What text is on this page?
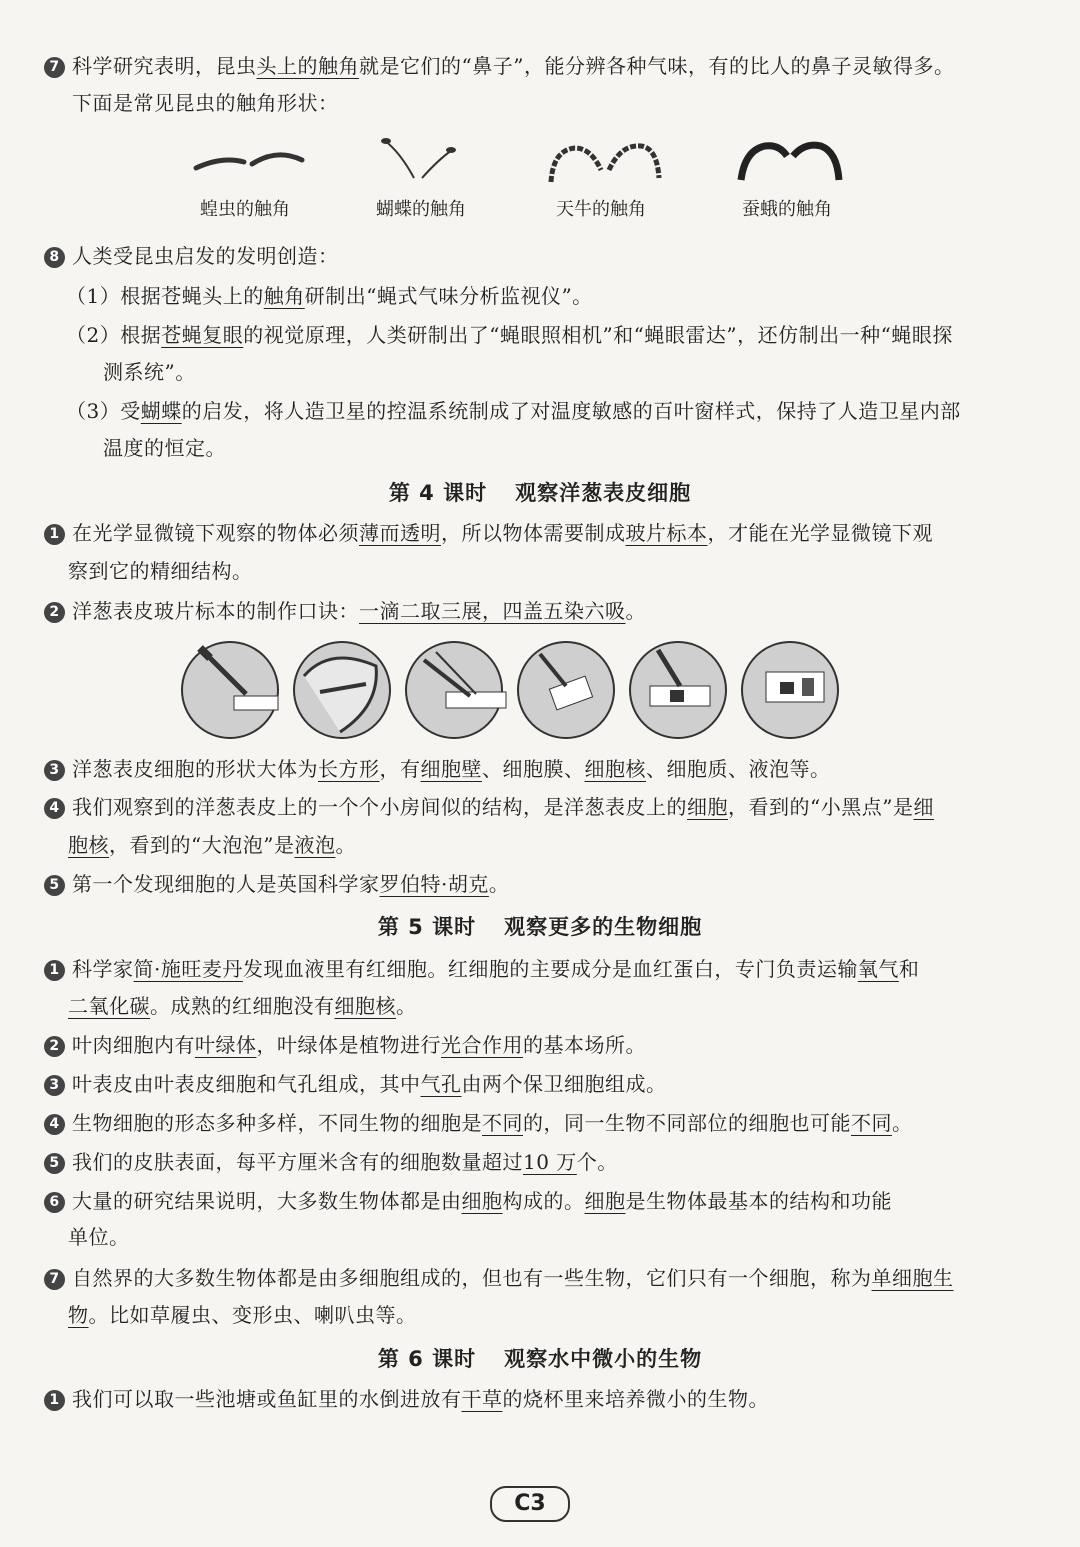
7 科学研究表明，昆虫头上的触角就是它们的“鼻子”，能分辨各种气味，有的比人的鼻子灵敏得多。
下面是常见昆虫的触角形状：
蝗虫的触角	蝴蝶的触角	天牛的触角	蚕蛾的触角
8 人类受昆虫启发的发明创造：
（1）根据苍蝇头上的触角研制出“蝇式气味分析监视仪”。
（2）根据苍蝇复眼的视觉原理，人类研制出了“蝇眼照相机”和“蝇眼雷达”，还仿制出一种“蝇眼探
测系统”。
（3）受蝴蝶的启发，将人造卫星的控温系统制成了对温度敏感的百叶窗样式，保持了人造卫星内部
温度的恒定。
第 4 课时 观察洋葱表皮细胞
1 在光学显微镜下观察的物体必须薄而透明，所以物体需要制成玻片标本，才能在光学显微镜下观
察到它的精细结构。
2 洋葱表皮玻片标本的制作口诀：一滴二取三展，四盖五染六吸。
3 洋葱表皮细胞的形状大体为长方形，有细胞壁、细胞膜、细胞核、细胞质、液泡等。
4 我们观察到的洋葱表皮上的一个个小房间似的结构，是洋葱表皮上的细胞，看到的“小黑点”是细
胞核，看到的“大泡泡”是液泡。
5 第一个发现细胞的人是英国科学家罗伯特·胡克。
第 5 课时 观察更多的生物细胞
1 科学家简·施旺麦丹发现血液里有红细胞。红细胞的主要成分是血红蛋白，专门负责运输氧气和
二氧化碳。成熟的红细胞没有细胞核。
2 叶肉细胞内有叶绿体，叶绿体是植物进行光合作用的基本场所。
3 叶表皮由叶表皮细胞和气孔组成，其中气孔由两个保卫细胞组成。
4 生物细胞的形态多种多样，不同生物的细胞是不同的，同一生物不同部位的细胞也可能不同。
5 我们的皮肤表面，每平方厘米含有的细胞数量超过10 万个。
6 大量的研究结果说明，大多数生物体都是由细胞构成的。细胞是生物体最基本的结构和功能
单位。
7 自然界的大多数生物体都是由多细胞组成的，但也有一些生物，它们只有一个细胞，称为单细胞生
物。比如草履虫、变形虫、喇叭虫等。
第 6 课时 观察水中微小的生物
1 我们可以取一些池塘或鱼缸里的水倒进放有干草的烧杯里来培养微小的生物。
C3
